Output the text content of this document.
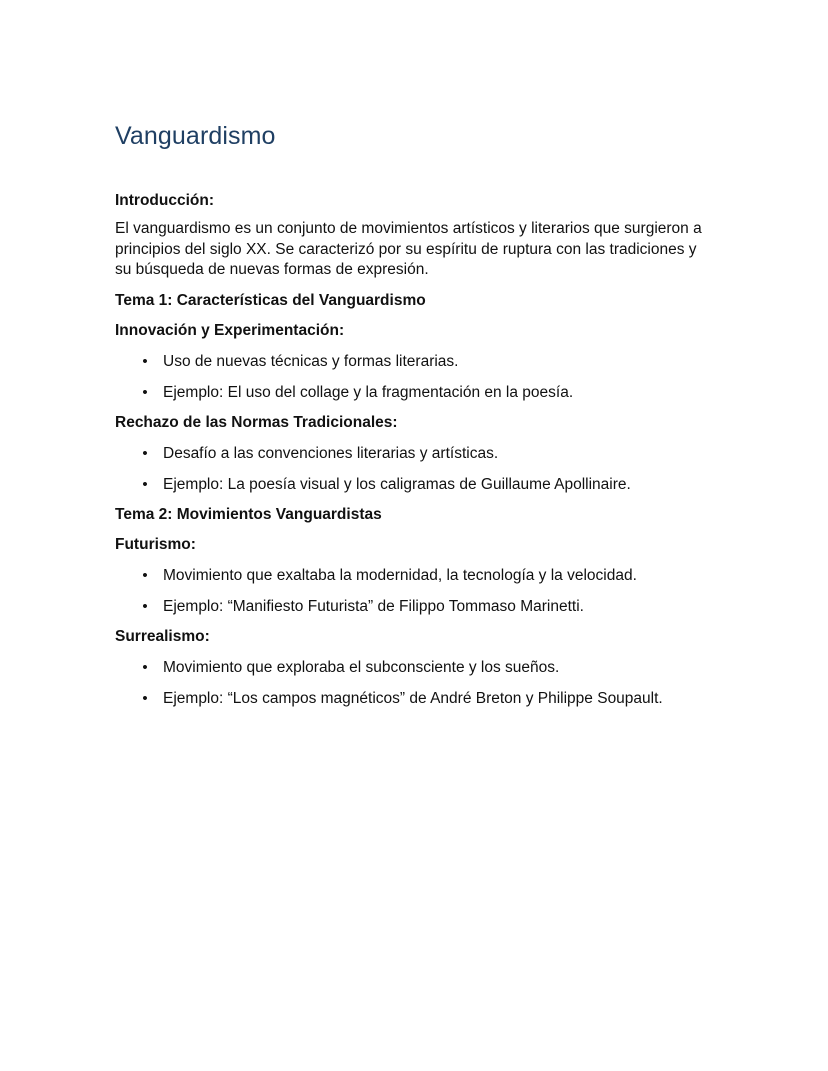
Vanguardismo

Introducción:

El vanguardismo es un conjunto de movimientos artísticos y literarios que surgieron a principios del siglo XX. Se caracterizó por su espíritu de ruptura con las tradiciones y su búsqueda de nuevas formas de expresión.

Tema 1: Características del Vanguardismo

Innovación y Experimentación:

• Uso de nuevas técnicas y formas literarias.
• Ejemplo: El uso del collage y la fragmentación en la poesía.

Rechazo de las Normas Tradicionales:

• Desafío a las convenciones literarias y artísticas.
• Ejemplo: La poesía visual y los caligramas de Guillaume Apollinaire.

Tema 2: Movimientos Vanguardistas

Futurismo:

• Movimiento que exaltaba la modernidad, la tecnología y la velocidad.
• Ejemplo: “Manifiesto Futurista” de Filippo Tommaso Marinetti.

Surrealismo:

• Movimiento que exploraba el subconsciente y los sueños.
• Ejemplo: “Los campos magnéticos” de André Breton y Philippe Soupault.
